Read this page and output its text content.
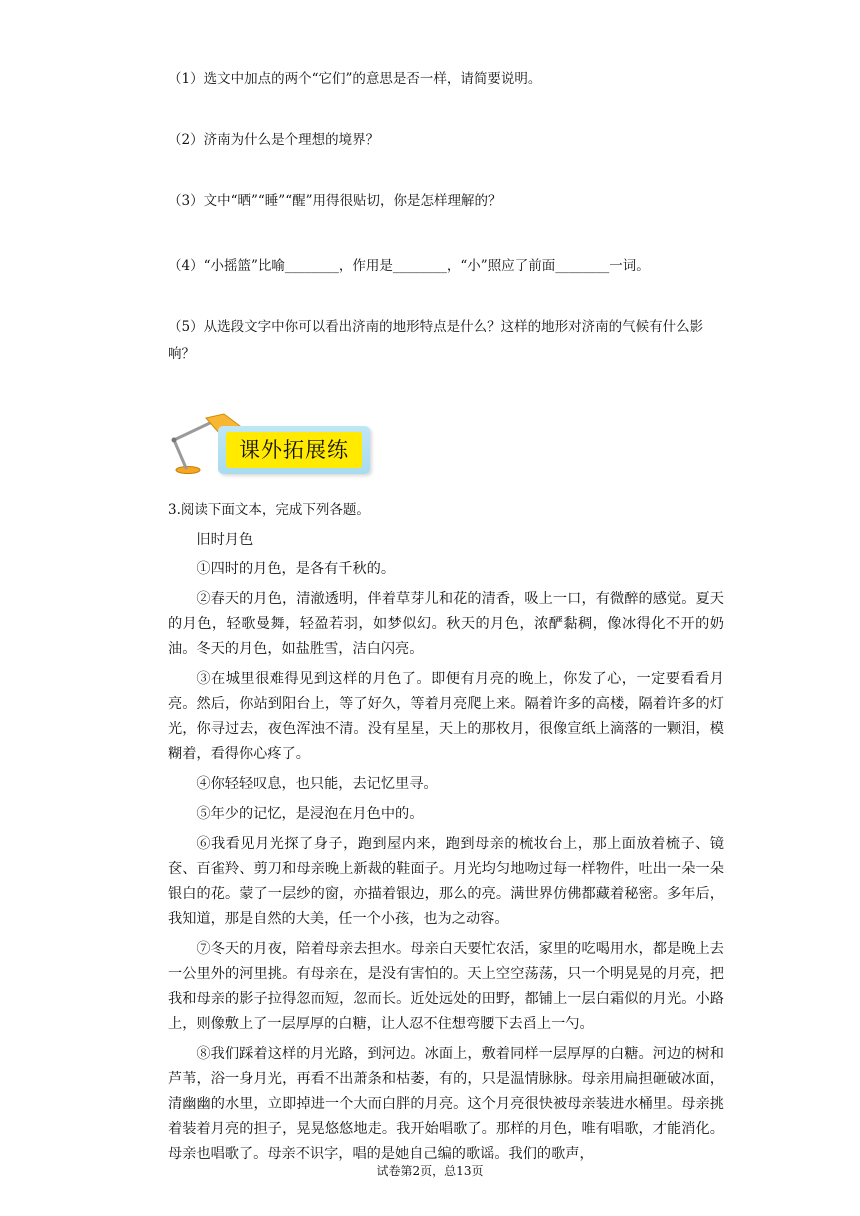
（1）选文中加点的两个“它们”的意思是否一样，请简要说明。

（2）济南为什么是个理想的境界？

（3）文中“晒”“睡”“醒”用得很贴切，你是怎样理解的？

（4）“小摇篮”比喻________，作用是________，“小”照应了前面________一词。

（5）从选段文字中你可以看出济南的地形特点是什么？这样的地形对济南的气候有什么影响？

课外拓展练

3.阅读下面文本，完成下列各题。

旧时月色

①四时的月色，是各有千秋的。

②春天的月色，清澈透明，伴着草芽儿和花的清香，吸上一口，有微醉的感觉。夏天的月色，轻歌曼舞，轻盈若羽，如梦似幻。秋天的月色，浓酽黏稠，像冰得化不开的奶油。冬天的月色，如盐胜雪，洁白闪亮。

③在城里很难得见到这样的月色了。即便有月亮的晚上，你发了心，一定要看看月亮。然后，你站到阳台上，等了好久，等着月亮爬上来。隔着许多的高楼，隔着许多的灯光，你寻过去，夜色浑浊不清。没有星星，天上的那枚月，很像宣纸上滴落的一颗泪，模糊着，看得你心疼了。

④你轻轻叹息，也只能，去记忆里寻。

⑤年少的记忆，是浸泡在月色中的。

⑥我看见月光探了身子，跑到屋内来，跑到母亲的梳妆台上，那上面放着梳子、镜奁、百雀羚、剪刀和母亲晚上新裁的鞋面子。月光均匀地吻过每一样物件，吐出一朵一朵银白的花。蒙了一层纱的窗，亦描着银边，那么的亮。满世界仿佛都藏着秘密。多年后，我知道，那是自然的大美，任一个小孩，也为之动容。

⑦冬天的月夜，陪着母亲去担水。母亲白天要忙农活，家里的吃喝用水，都是晚上去一公里外的河里挑。有母亲在，是没有害怕的。天上空空荡荡，只一个明晃晃的月亮，把我和母亲的影子拉得忽而短，忽而长。近处远处的田野，都铺上一层白霜似的月光。小路上，则像敷上了一层厚厚的白糖，让人忍不住想弯腰下去舀上一勺。

⑧我们踩着这样的月光路，到河边。冰面上，敷着同样一层厚厚的白糖。河边的树和芦苇，浴一身月光，再看不出萧条和枯萎，有的，只是温情脉脉。母亲用扁担砸破冰面，清幽幽的水里，立即掉进一个大而白胖的月亮。这个月亮很快被母亲装进水桶里。母亲挑着装着月亮的担子，晃晃悠悠地走。我开始唱歌了。那样的月色，唯有唱歌，才能消化。母亲也唱歌了。母亲不识字，唱的是她自己编的歌谣。我们的歌声，

试卷第2页，总13页
